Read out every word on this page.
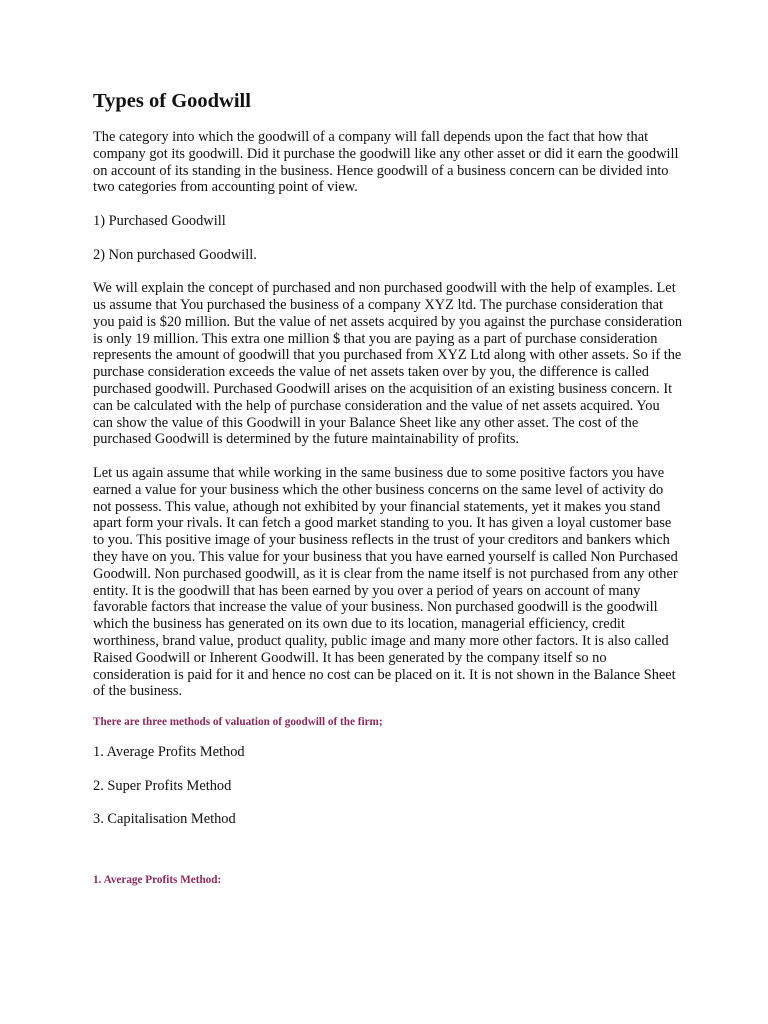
Types of Goodwill

The category into which the goodwill of a company will fall depends upon the fact that how that company got its goodwill. Did it purchase the goodwill like any other asset or did it earn the goodwill on account of its standing in the business. Hence goodwill of a business concern can be divided into two categories from accounting point of view.

1) Purchased Goodwill

2) Non purchased Goodwill.

We will explain the concept of purchased and non purchased goodwill with the help of examples. Let us assume that You purchased the business of a company XYZ ltd. The purchase consideration that you paid is $20 million. But the value of net assets acquired by you against the purchase consideration is only 19 million. This extra one million $ that you are paying as a part of purchase consideration represents the amount of goodwill that you purchased from XYZ Ltd along with other assets. So if the purchase consideration exceeds the value of net assets taken over by you, the difference is called purchased goodwill. Purchased Goodwill arises on the acquisition of an existing business concern. It can be calculated with the help of purchase consideration and the value of net assets acquired. You can show the value of this Goodwill in your Balance Sheet like any other asset. The cost of the purchased Goodwill is determined by the future maintainability of profits.

Let us again assume that while working in the same business due to some positive factors you have earned a value for your business which the other business concerns on the same level of activity do not possess. This value, athough not exhibited by your financial statements, yet it makes you stand apart form your rivals. It can fetch a good market standing to you. It has given a loyal customer base to you. This positive image of your business reflects in the trust of your creditors and bankers which they have on you. This value for your business that you have earned yourself is called Non Purchased Goodwill. Non purchased goodwill, as it is clear from the name itself is not purchased from any other entity. It is the goodwill that has been earned by you over a period of years on account of many favorable factors that increase the value of your business. Non purchased goodwill is the goodwill which the business has generated on its own due to its location, managerial efficiency, credit worthiness, brand value, product quality, public image and many more other factors. It is also called Raised Goodwill or Inherent Goodwill. It has been generated by the company itself so no consideration is paid for it and hence no cost can be placed on it. It is not shown in the Balance Sheet of the business.

There are three methods of valuation of goodwill of the firm;

1. Average Profits Method

2. Super Profits Method

3. Capitalisation Method

1. Average Profits Method:
